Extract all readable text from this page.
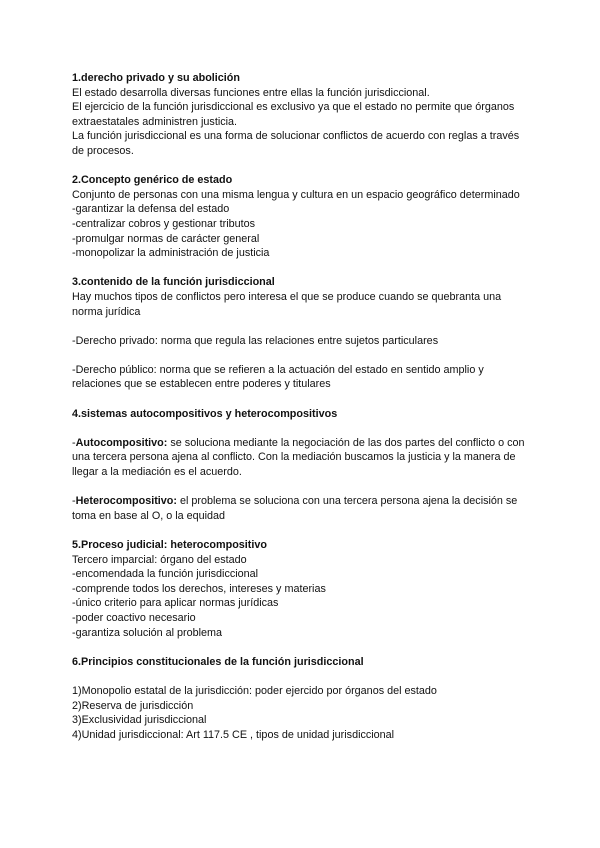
1.derecho privado y su abolición

El estado desarrolla diversas funciones entre ellas la función jurisdiccional.

El ejercicio de la función jurisdiccional es exclusivo ya que el estado no permite que órganos extraestatales administren justicia.

La función jurisdiccional es una forma de solucionar conflictos de acuerdo con reglas a través de procesos.

2.Concepto genérico de estado

Conjunto de personas con una misma lengua y cultura en un espacio geográfico determinado

-garantizar la defensa del estado

-centralizar cobros y gestionar tributos

-promulgar normas de carácter general

-monopolizar la administración de justicia

3.contenido de la función jurisdiccional

Hay muchos tipos de conflictos pero interesa el que se produce cuando se quebranta una norma jurídica

-Derecho privado: norma que regula las relaciones entre sujetos particulares

-Derecho público: norma que se refieren a la actuación del estado en sentido amplio y relaciones que se establecen entre poderes y titulares

4.sistemas autocompositivos y heterocompositivos

-Autocompositivo: se soluciona mediante la negociación de las dos partes del conflicto o con una tercera persona ajena al conflicto. Con la mediación buscamos la justicia y la manera de llegar a la mediación es el acuerdo.

-Heterocompositivo: el problema se soluciona con una tercera persona ajena la decisión se toma en base al O, o la equidad

5.Proceso judicial: heterocompositivo

Tercero imparcial: órgano del estado

-encomendada la función jurisdiccional

-comprende todos los derechos, intereses y materias

-único criterio para aplicar normas jurídicas

-poder coactivo necesario

-garantiza solución al problema

6.Principios constitucionales de la función jurisdiccional

1)Monopolio estatal de la jurisdicción: poder ejercido por órganos del estado

2)Reserva de jurisdicción

3)Exclusividad jurisdiccional

4)Unidad jurisdiccional: Art 117.5 CE , tipos de unidad jurisdiccional
